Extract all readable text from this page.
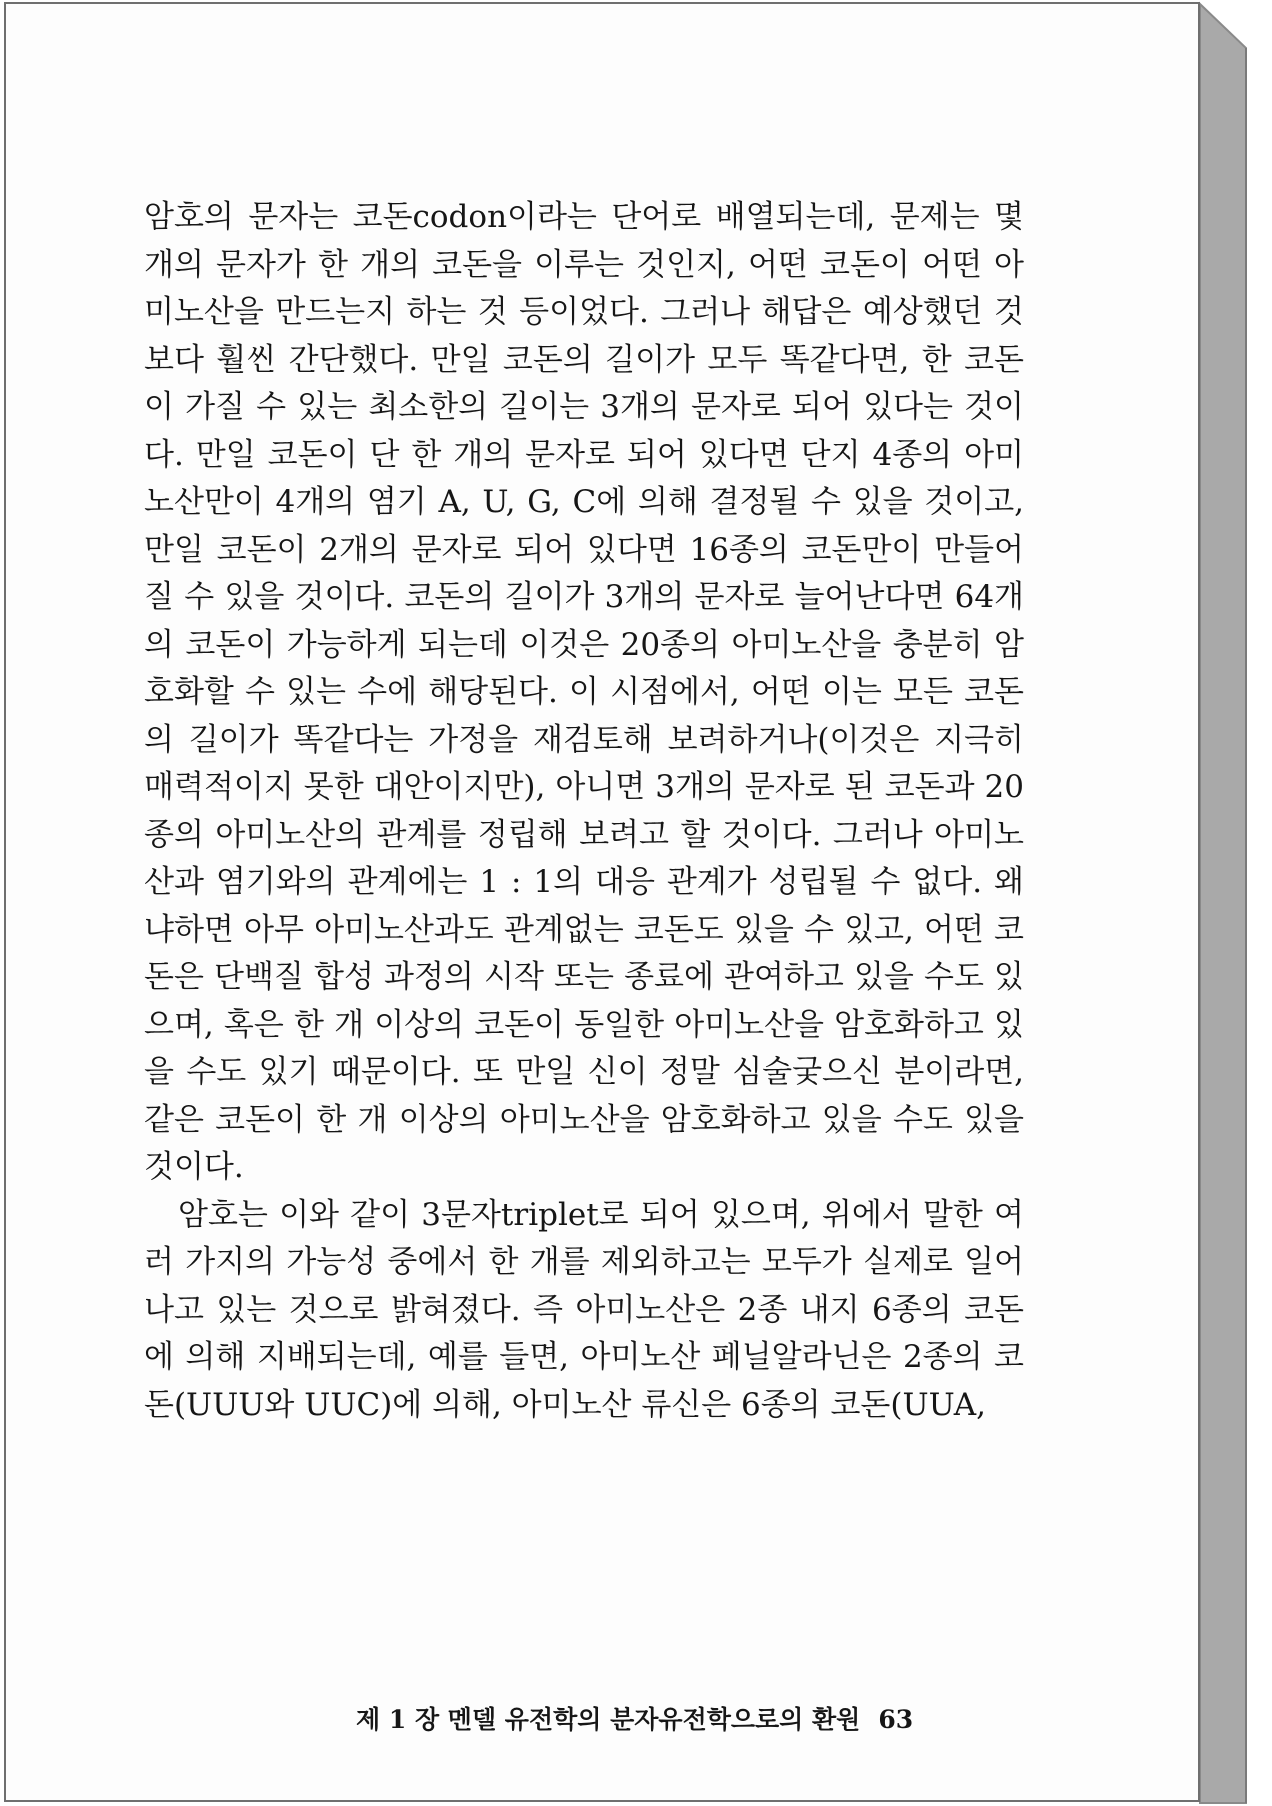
암호의 문자는 코돈codon이라는 단어로 배열되는데, 문제는 몇 개의 문자가 한 개의 코돈을 이루는 것인지, 어떤 코돈이 어떤 아미노산을 만드는지 하는 것 등이었다. 그러나 해답은 예상했던 것보다 훨씬 간단했다. 만일 코돈의 길이가 모두 똑같다면, 한 코돈이 가질 수 있는 최소한의 길이는 3개의 문자로 되어 있다는 것이다. 만일 코돈이 단 한 개의 문자로 되어 있다면 단지 4종의 아미노산만이 4개의 염기 A, U, G, C에 의해 결정될 수 있을 것이고, 만일 코돈이 2개의 문자로 되어 있다면 16종의 코돈만이 만들어질 수 있을 것이다. 코돈의 길이가 3개의 문자로 늘어난다면 64개의 코돈이 가능하게 되는데 이것은 20종의 아미노산을 충분히 암호화할 수 있는 수에 해당된다. 이 시점에서, 어떤 이는 모든 코돈의 길이가 똑같다는 가정을 재검토해 보려하거나(이것은 지극히 매력적이지 못한 대안이지만), 아니면 3개의 문자로 된 코돈과 20종의 아미노산의 관계를 정립해 보려고 할 것이다. 그러나 아미노산과 염기와의 관계에는 1 : 1의 대응 관계가 성립될 수 없다. 왜냐하면 아무 아미노산과도 관계없는 코돈도 있을 수 있고, 어떤 코돈은 단백질 합성 과정의 시작 또는 종료에 관여하고 있을 수도 있으며, 혹은 한 개 이상의 코돈이 동일한 아미노산을 암호화하고 있을 수도 있기 때문이다. 또 만일 신이 정말 심술궂으신 분이라면, 같은 코돈이 한 개 이상의 아미노산을 암호화하고 있을 수도 있을 것이다.

암호는 이와 같이 3문자triplet로 되어 있으며, 위에서 말한 여러 가지의 가능성 중에서 한 개를 제외하고는 모두가 실제로 일어나고 있는 것으로 밝혀졌다. 즉 아미노산은 2종 내지 6종의 코돈에 의해 지배되는데, 예를 들면, 아미노산 페닐알라닌은 2종의 코돈(UUU와 UUC)에 의해, 아미노산 류신은 6종의 코돈(UUA,

제 1 장 멘델 유전학의 분자유전학으로의 환원 63
